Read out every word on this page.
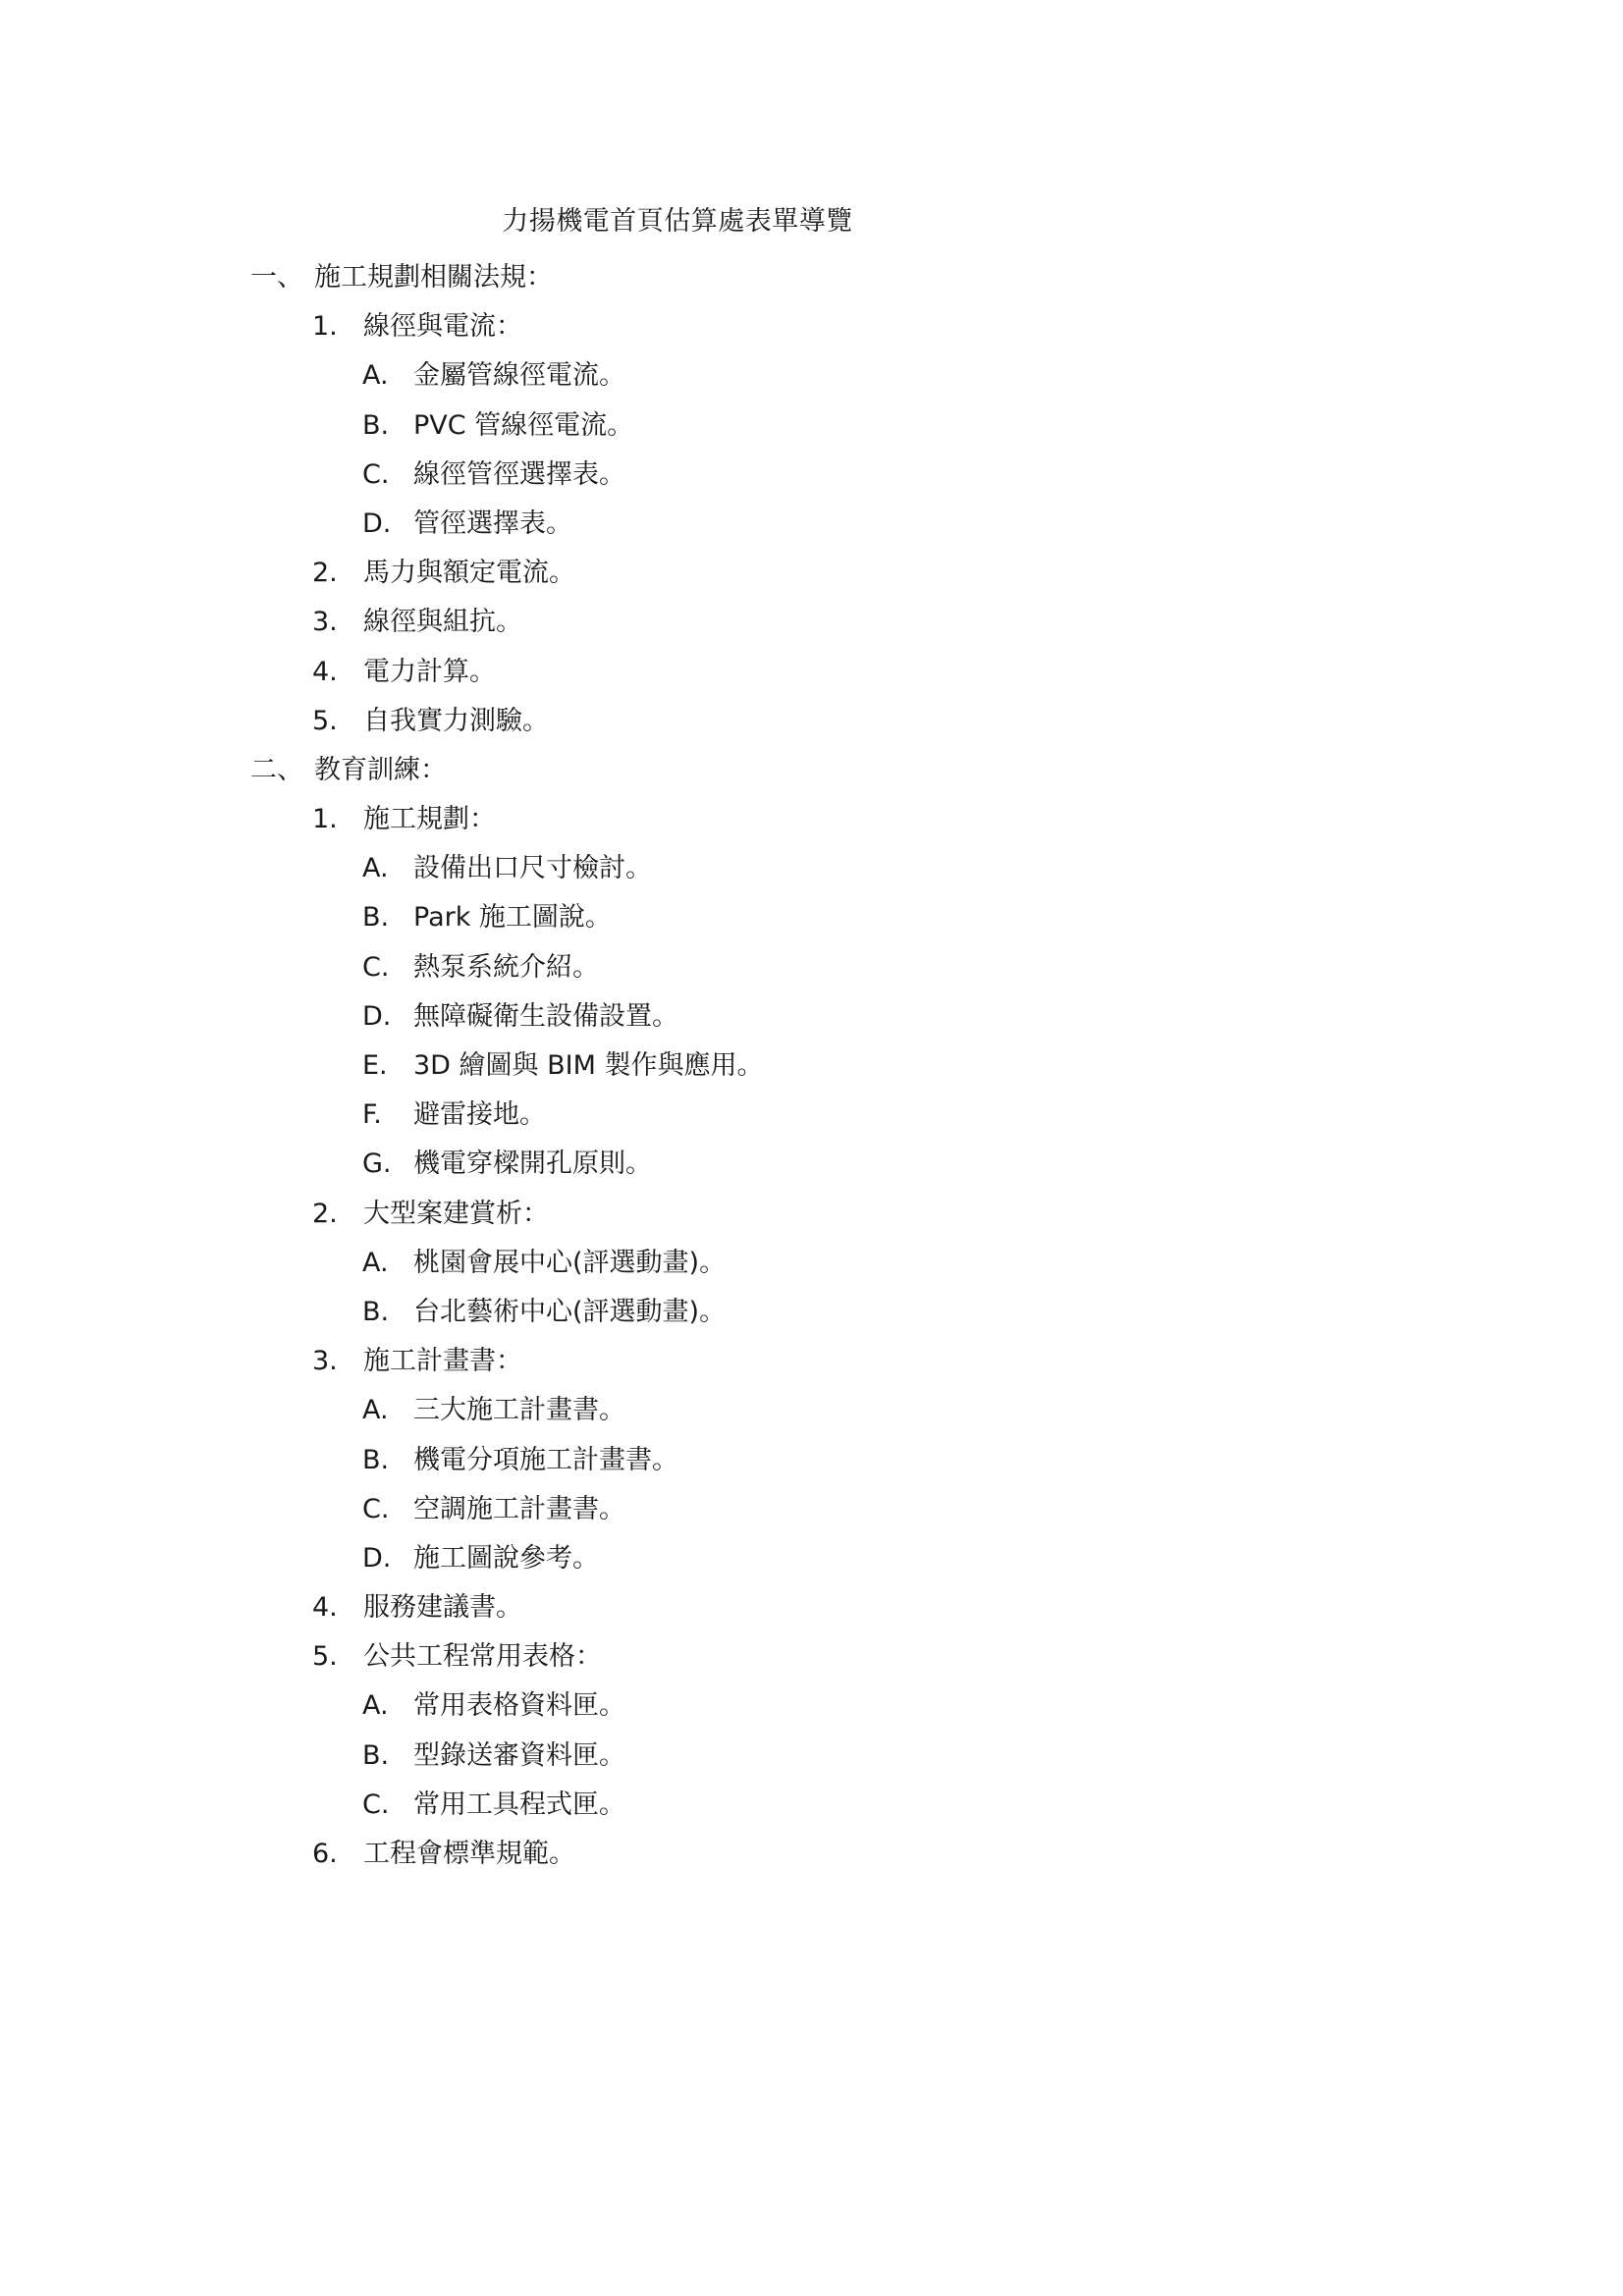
力揚機電首頁估算處表單導覽
一、 施工規劃相關法規：
1. 線徑與電流：
A. 金屬管線徑電流。
B. PVC 管線徑電流。
C. 線徑管徑選擇表。
D. 管徑選擇表。
2. 馬力與額定電流。
3. 線徑與組抗。
4. 電力計算。
5. 自我實力測驗。
二、 教育訓練：
1. 施工規劃：
A. 設備出口尺寸檢討。
B. Park 施工圖說。
C. 熱泵系統介紹。
D. 無障礙衛生設備設置。
E. 3D 繪圖與 BIM 製作與應用。
F. 避雷接地。
G. 機電穿樑開孔原則。
2. 大型案建賞析：
A. 桃園會展中心(評選動畫)。
B. 台北藝術中心(評選動畫)。
3. 施工計畫書：
A. 三大施工計畫書。
B. 機電分項施工計畫書。
C. 空調施工計畫書。
D. 施工圖說參考。
4. 服務建議書。
5. 公共工程常用表格：
A. 常用表格資料匣。
B. 型錄送審資料匣。
C. 常用工具程式匣。
6. 工程會標準規範。
